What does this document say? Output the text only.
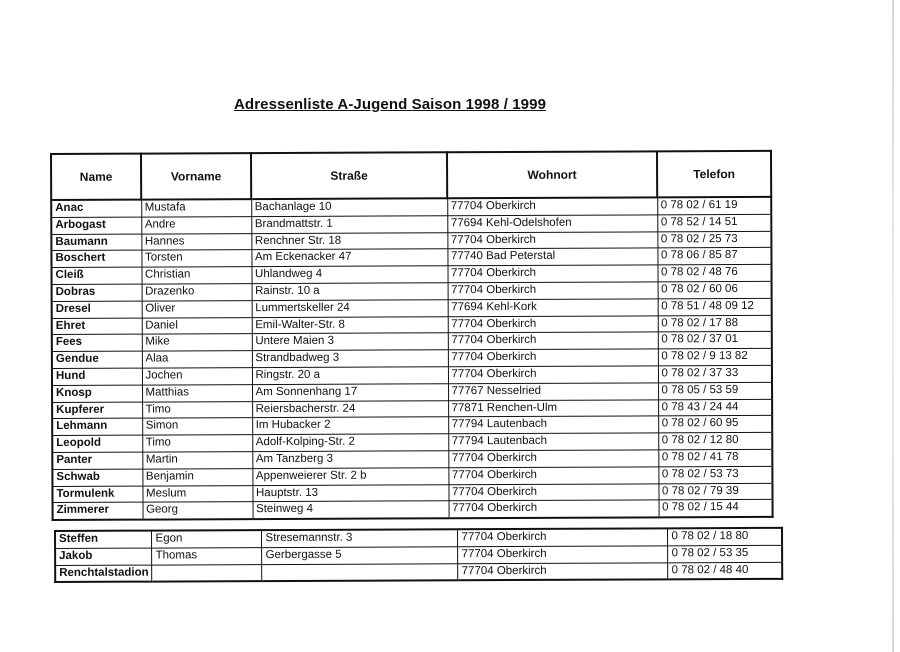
Adressenliste A-Jugend Saison 1998 / 1999
Name	Vorname	Straße	Wohnort	Telefon
Anac	Mustafa	Bachanlage 10	77704 Oberkirch	0 78 02 / 61 19
Arbogast	Andre	Brandmattstr. 1	77694 Kehl-Odelshofen	0 78 52 / 14 51
Baumann	Hannes	Renchner Str. 18	77704 Oberkirch	0 78 02 / 25 73
Boschert	Torsten	Am Eckenacker 47	77740 Bad Peterstal	0 78 06 / 85 87
Cleiß	Christian	Uhlandweg 4	77704 Oberkirch	0 78 02 / 48 76
Dobras	Drazenko	Rainstr. 10 a	77704 Oberkirch	0 78 02 / 60 06
Dresel	Oliver	Lummertskeller 24	77694 Kehl-Kork	0 78 51 / 48 09 12
Ehret	Daniel	Emil-Walter-Str. 8	77704 Oberkirch	0 78 02 / 17 88
Fees	Mike	Untere Maien 3	77704 Oberkirch	0 78 02 / 37 01
Gendue	Alaa	Strandbadweg 3	77704 Oberkirch	0 78 02 / 9 13 82
Hund	Jochen	Ringstr. 20 a	77704 Oberkirch	0 78 02 / 37 33
Knosp	Matthias	Am Sonnenhang 17	77767 Nesselried	0 78 05 / 53 59
Kupferer	Timo	Reiersbacherstr. 24	77871 Renchen-Ulm	0 78 43 / 24 44
Lehmann	Simon	Im Hubacker 2	77794 Lautenbach	0 78 02 / 60 95
Leopold	Timo	Adolf-Kolping-Str. 2	77794 Lautenbach	0 78 02 / 12 80
Panter	Martin	Am Tanzberg 3	77704 Oberkirch	0 78 02 / 41 78
Schwab	Benjamin	Appenweierer Str. 2 b	77704 Oberkirch	0 78 02 / 53 73
Tormulenk	Meslum	Hauptstr. 13	77704 Oberkirch	0 78 02 / 79 39
Zimmerer	Georg	Steinweg 4	77704 Oberkirch	0 78 02 / 15 44
Steffen	Egon	Stresemannstr. 3	77704 Oberkirch	0 78 02 / 18 80
Jakob	Thomas	Gerbergasse 5	77704 Oberkirch	0 78 02 / 53 35
Renchtalstadion			77704 Oberkirch	0 78 02 / 48 40
